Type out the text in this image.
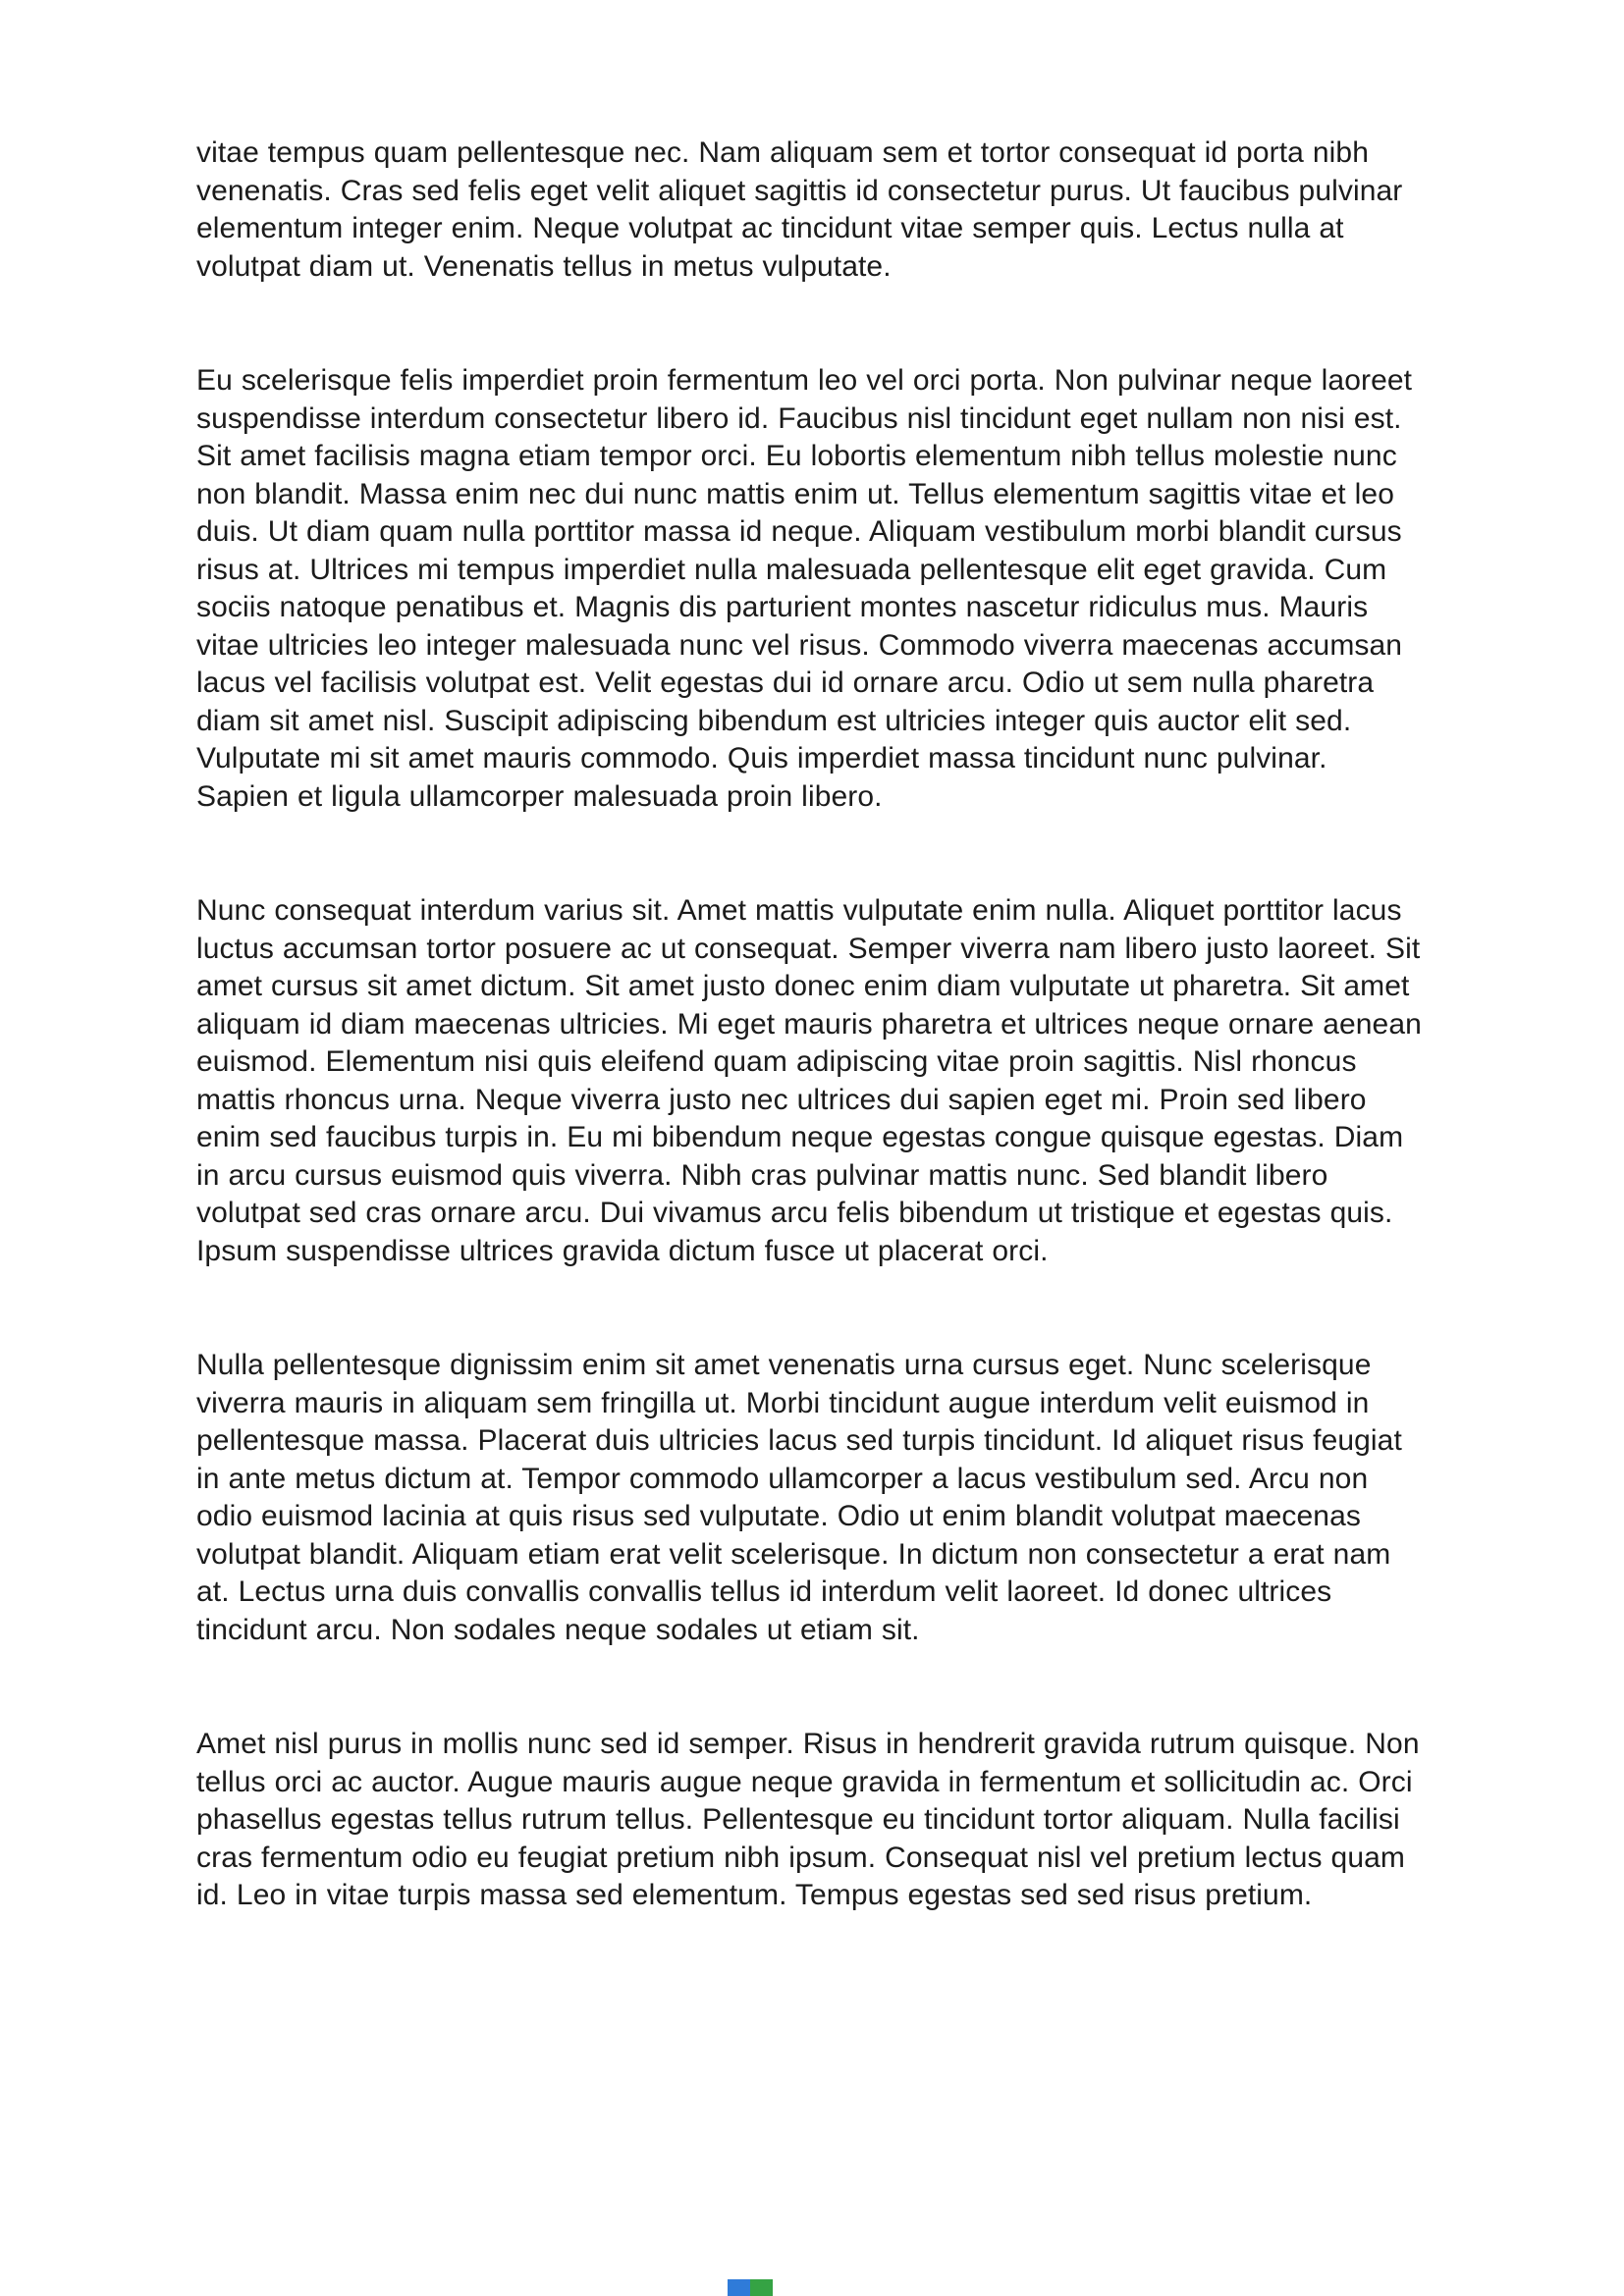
vitae tempus quam pellentesque nec. Nam aliquam sem et tortor consequat id porta nibh venenatis. Cras sed felis eget velit aliquet sagittis id consectetur purus. Ut faucibus pulvinar elementum integer enim. Neque volutpat ac tincidunt vitae semper quis. Lectus nulla at volutpat diam ut. Venenatis tellus in metus vulputate.

Eu scelerisque felis imperdiet proin fermentum leo vel orci porta. Non pulvinar neque laoreet suspendisse interdum consectetur libero id. Faucibus nisl tincidunt eget nullam non nisi est. Sit amet facilisis magna etiam tempor orci. Eu lobortis elementum nibh tellus molestie nunc non blandit. Massa enim nec dui nunc mattis enim ut. Tellus elementum sagittis vitae et leo duis. Ut diam quam nulla porttitor massa id neque. Aliquam vestibulum morbi blandit cursus risus at. Ultrices mi tempus imperdiet nulla malesuada pellentesque elit eget gravida. Cum sociis natoque penatibus et. Magnis dis parturient montes nascetur ridiculus mus. Mauris vitae ultricies leo integer malesuada nunc vel risus. Commodo viverra maecenas accumsan lacus vel facilisis volutpat est. Velit egestas dui id ornare arcu. Odio ut sem nulla pharetra diam sit amet nisl. Suscipit adipiscing bibendum est ultricies integer quis auctor elit sed. Vulputate mi sit amet mauris commodo. Quis imperdiet massa tincidunt nunc pulvinar. Sapien et ligula ullamcorper malesuada proin libero.

Nunc consequat interdum varius sit. Amet mattis vulputate enim nulla. Aliquet porttitor lacus luctus accumsan tortor posuere ac ut consequat. Semper viverra nam libero justo laoreet. Sit amet cursus sit amet dictum. Sit amet justo donec enim diam vulputate ut pharetra. Sit amet aliquam id diam maecenas ultricies. Mi eget mauris pharetra et ultrices neque ornare aenean euismod. Elementum nisi quis eleifend quam adipiscing vitae proin sagittis. Nisl rhoncus mattis rhoncus urna. Neque viverra justo nec ultrices dui sapien eget mi. Proin sed libero enim sed faucibus turpis in. Eu mi bibendum neque egestas congue quisque egestas. Diam in arcu cursus euismod quis viverra. Nibh cras pulvinar mattis nunc. Sed blandit libero volutpat sed cras ornare arcu. Dui vivamus arcu felis bibendum ut tristique et egestas quis. Ipsum suspendisse ultrices gravida dictum fusce ut placerat orci.

Nulla pellentesque dignissim enim sit amet venenatis urna cursus eget. Nunc scelerisque viverra mauris in aliquam sem fringilla ut. Morbi tincidunt augue interdum velit euismod in pellentesque massa. Placerat duis ultricies lacus sed turpis tincidunt. Id aliquet risus feugiat in ante metus dictum at. Tempor commodo ullamcorper a lacus vestibulum sed. Arcu non odio euismod lacinia at quis risus sed vulputate. Odio ut enim blandit volutpat maecenas volutpat blandit. Aliquam etiam erat velit scelerisque. In dictum non consectetur a erat nam at. Lectus urna duis convallis convallis tellus id interdum velit laoreet. Id donec ultrices tincidunt arcu. Non sodales neque sodales ut etiam sit.

Amet nisl purus in mollis nunc sed id semper. Risus in hendrerit gravida rutrum quisque. Non tellus orci ac auctor. Augue mauris augue neque gravida in fermentum et sollicitudin ac. Orci phasellus egestas tellus rutrum tellus. Pellentesque eu tincidunt tortor aliquam. Nulla facilisi cras fermentum odio eu feugiat pretium nibh ipsum. Consequat nisl vel pretium lectus quam id. Leo in vitae turpis massa sed elementum. Tempus egestas sed sed risus pretium.
